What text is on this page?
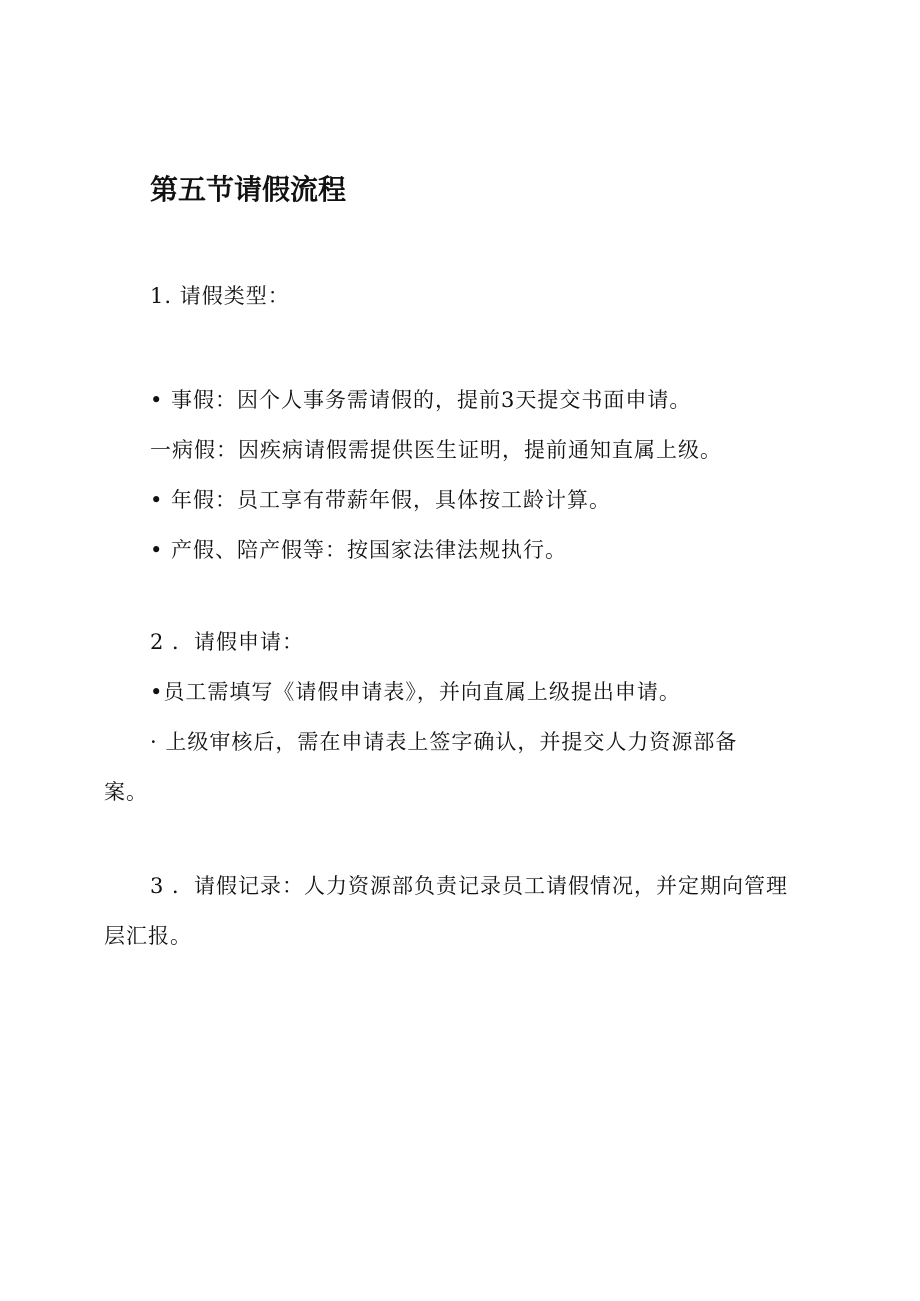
第五节请假流程
1. 请假类型：
• 事假：因个人事务需请假的，提前3天提交书面申请。
一病假：因疾病请假需提供医生证明，提前通知直属上级。
• 年假：员工享有带薪年假，具体按工龄计算。
• 产假、陪产假等：按国家法律法规执行。
2 ．请假申请：
•员工需填写《请假申请表》，并向直属上级提出申请。
· 上级审核后，需在申请表上签字确认，并提交人力资源部备
案。
3 ．请假记录：人力资源部负责记录员工请假情况，并定期向管理
层汇报。
